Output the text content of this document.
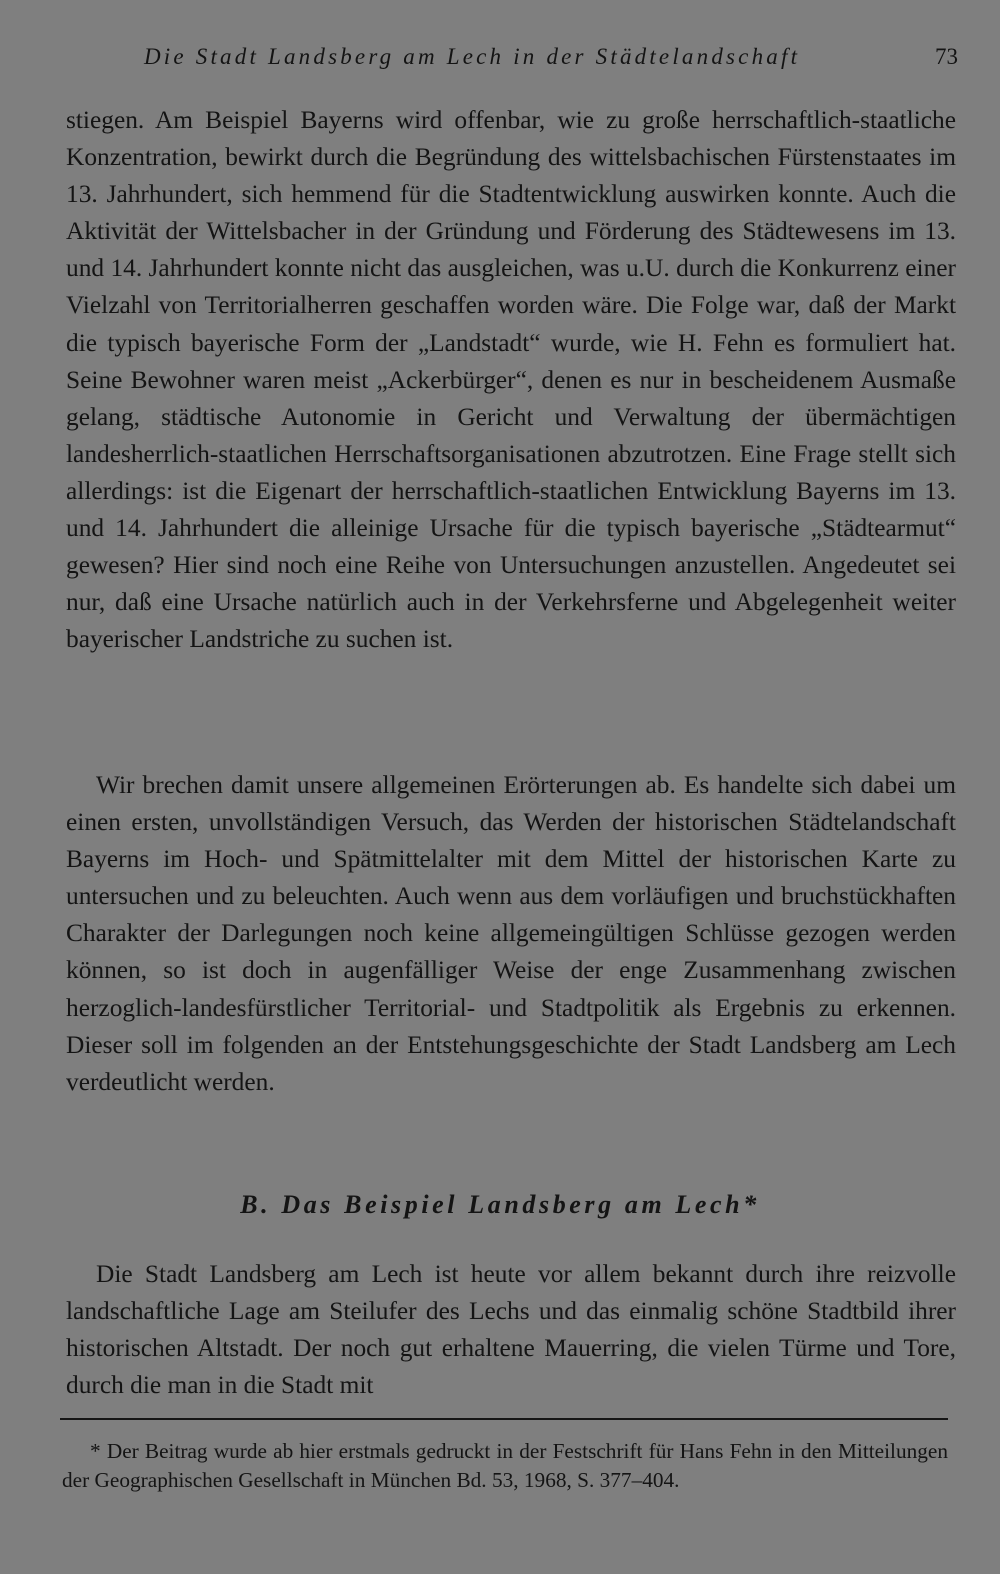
Die Stadt Landsberg am Lech in der Städtelandschaft	73

stiegen. Am Beispiel Bayerns wird offenbar, wie zu große herrschaftlich-staatliche Konzentration, bewirkt durch die Begründung des wittelsbachischen Fürstenstaates im 13. Jahrhundert, sich hemmend für die Stadtentwicklung auswirken konnte. Auch die Aktivität der Wittelsbacher in der Gründung und Förderung des Städtewesens im 13. und 14. Jahrhundert konnte nicht das ausgleichen, was u.U. durch die Konkurrenz einer Vielzahl von Territorialherren geschaffen worden wäre. Die Folge war, daß der Markt die typisch bayerische Form der „Landstadt“ wurde, wie H. Fehn es formuliert hat. Seine Bewohner waren meist „Ackerbürger“, denen es nur in bescheidenem Ausmaße gelang, städtische Autonomie in Gericht und Verwaltung der übermächtigen landesherrlich-staatlichen Herrschaftsorganisationen abzutrotzen. Eine Frage stellt sich allerdings: ist die Eigenart der herrschaftlich-staatlichen Entwicklung Bayerns im 13. und 14. Jahrhundert die alleinige Ursache für die typisch bayerische „Städtearmut“ gewesen? Hier sind noch eine Reihe von Untersuchungen anzustellen. Angedeutet sei nur, daß eine Ursache natürlich auch in der Verkehrsferne und Abgelegenheit weiter bayerischer Landstriche zu suchen ist.

Wir brechen damit unsere allgemeinen Erörterungen ab. Es handelte sich dabei um einen ersten, unvollständigen Versuch, das Werden der historischen Städtelandschaft Bayerns im Hoch- und Spätmittelalter mit dem Mittel der historischen Karte zu untersuchen und zu beleuchten. Auch wenn aus dem vorläufigen und bruchstückhaften Charakter der Darlegungen noch keine allgemeingültigen Schlüsse gezogen werden können, so ist doch in augenfälliger Weise der enge Zusammenhang zwischen herzoglich-landesfürstlicher Territorial- und Stadtpolitik als Ergebnis zu erkennen. Dieser soll im folgenden an der Entstehungsgeschichte der Stadt Landsberg am Lech verdeutlicht werden.

B. Das Beispiel Landsberg am Lech*

Die Stadt Landsberg am Lech ist heute vor allem bekannt durch ihre reizvolle landschaftliche Lage am Steilufer des Lechs und das einmalig schöne Stadtbild ihrer historischen Altstadt. Der noch gut erhaltene Mauerring, die vielen Türme und Tore, durch die man in die Stadt mit

* Der Beitrag wurde ab hier erstmals gedruckt in der Festschrift für Hans Fehn in den Mitteilungen der Geographischen Gesellschaft in München Bd. 53, 1968, S. 377–404.
